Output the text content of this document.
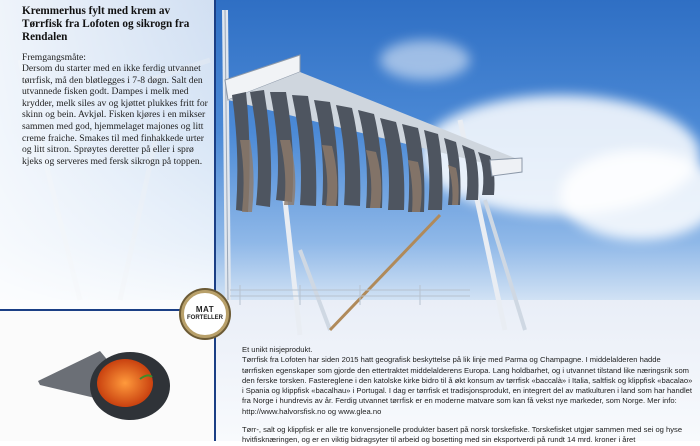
Kremmerhus fylt med krem av Tørrfisk fra Lofoten og sikrogn fra Rendalen
Fremgangsmåte:

Dersom du starter med en ikke ferdig utvannet tørrfisk, må den bløtlegges i 7-8 døgn. Salt den utvannede fisken godt. Dampes i melk med krydder, melk siles av og kjøttet plukkes fritt for skinn og bein. Avkjøl. Fisken kjøres i en mikser sammen med god, hjemmelaget majones og litt creme fraiche. Smakes til med finhakkede urter og litt sitron. Sprøytes deretter på eller i sprø kjeks og serveres med fersk sikrogn på toppen.

MAT
FORTELLER

Et unikt nisjeprodukt.

Tørrfisk fra Lofoten har siden 2015 hatt geografisk beskyttelse på lik linje med Parma og Champagne. I middelalderen hadde tørrfisken egenskaper som gjorde den ettertraktet middelalderens Europa. Lang holdbarhet, og i utvannet tilstand like næringsrik som den ferske torsken. Fastereglene i den katolske kirke bidro til å økt konsum av tørrfisk «baccalà» i Italia, saltfisk og klippfisk «bacalao» i Spania og klippfisk «bacalhau» i Portugal. I dag er tørrfisk et tradisjonsprodukt, en integrert del av matkulturen i land som har handlet fra Norge i hundrevis av år. Ferdig utvannet tørrfisk er en moderne matvare som kan få vekst nye markeder, som Norge. Mer info: http://www.halvorsfisk.no og www.glea.no

Tørr-, salt og klippfisk er alle tre konvensjonelle produkter basert på norsk torskefiske. Torskefisket utgjør sammen med sei og hyse hvitfisknæringen, og er en viktig bidragsyter til arbeid og bosetting med sin eksportverdi på rundt 14 mrd. kroner i året
